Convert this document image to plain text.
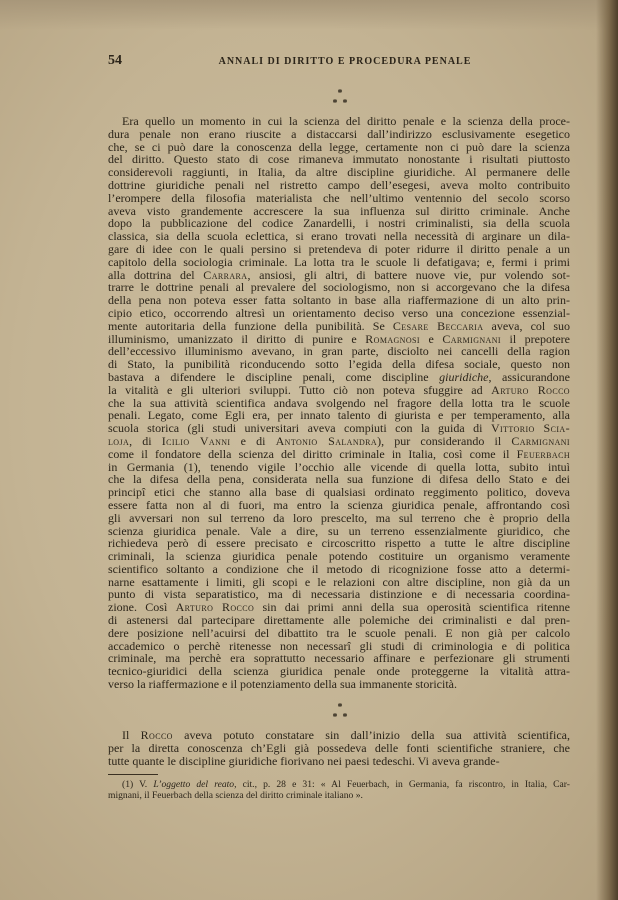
54	ANNALI DI DIRITTO E PROCEDURA PENALE
*
*  *
Era quello un momento in cui la scienza del diritto penale e la scienza della proce-
dura penale non erano riuscite a distaccarsi dall’indirizzo esclusivamente esegetico
che, se ci può dare la conoscenza della legge, certamente non ci può dare la scienza
del diritto. Questo stato di cose rimaneva immutato nonostante i risultati piuttosto
considerevoli raggiunti, in Italia, da altre discipline giuridiche. Al permanere delle
dottrine giuridiche penali nel ristretto campo dell’esegesi, aveva molto contribuito
l’erompere della filosofia materialista che nell’ultimo ventennio del secolo scorso
aveva visto grandemente accrescere la sua influenza sul diritto criminale. Anche
dopo la pubblicazione del codice Zanardelli, i nostri criminalisti, sia della scuola
classica, sia della scuola eclettica, si erano trovati nella necessità di arginare un dila-
gare di idee con le quali persino si pretendeva di poter ridurre il diritto penale a un
capitolo della sociologia criminale. La lotta tra le scuole li defatigava; e, fermi i primi
alla dottrina del Carrara, ansiosi, gli altri, di battere nuove vie, pur volendo sot-
trarre le dottrine penali al prevalere del sociologismo, non si accorgevano che la difesa
della pena non poteva esser fatta soltanto in base alla riaffermazione di un alto prin-
cipio etico, occorrendo altresì un orientamento deciso verso una concezione essenzial-
mente autoritaria della funzione della punibilità. Se Cesare Beccaria aveva, col suo
illuminismo, umanizzato il diritto di punire e Romagnosi e Carmignani il prepotere
dell’eccessivo illuminismo avevano, in gran parte, disciolto nei cancelli della ragion
di Stato, la punibilità riconducendo sotto l’egida della difesa sociale, questo non
bastava a difendere le discipline penali, come discipline giuridiche, assicurandone
la vitalità e gli ulteriori sviluppi. Tutto ciò non poteva sfuggire ad Arturo Rocco
che la sua attività scientifica andava svolgendo nel fragore della lotta tra le scuole
penali. Legato, come Egli era, per innato talento di giurista e per temperamento, alla
scuola storica (gli studi universitari aveva compiuti con la guida di Vittorio Scia-
loja, di Icilio Vanni e di Antonio Salandra), pur considerando il Carmignani
come il fondatore della scienza del diritto criminale in Italia, così come il Feuerbach
in Germania (1), tenendo vigile l’occhio alle vicende di quella lotta, subito intuì
che la difesa della pena, considerata nella sua funzione di difesa dello Stato e dei
principî etici che stanno alla base di qualsiasi ordinato reggimento politico, doveva
essere fatta non al di fuori, ma entro la scienza giuridica penale, affrontando così
gli avversari non sul terreno da loro prescelto, ma sul terreno che è proprio della
scienza giuridica penale. Vale a dire, su un terreno essenzialmente giuridico, che
richiedeva però di essere precisato e circoscritto rispetto a tutte le altre discipline
criminali, la scienza giuridica penale potendo costituire un organismo veramente
scientifico soltanto a condizione che il metodo di ricognizione fosse atto a determi-
narne esattamente i limiti, gli scopi e le relazioni con altre discipline, non già da un
punto di vista separatistico, ma di necessaria distinzione e di necessaria coordina-
zione. Così Arturo Rocco sin dai primi anni della sua operosità scientifica ritenne
di astenersi dal partecipare direttamente alle polemiche dei criminalisti e dal pren-
dere posizione nell’acuirsi del dibattito tra le scuole penali. E non già per calcolo
accademico o perchè ritenesse non necessarî gli studi di criminologia e di politica
criminale, ma perchè era soprattutto necessario affinare e perfezionare gli strumenti
tecnico-giuridici della scienza giuridica penale onde proteggerne la vitalità attra-
verso la riaffermazione e il potenziamento della sua immanente storicità.
*
*  *
Il Rocco aveva potuto constatare sin dall’inizio della sua attività scientifica,
per la diretta conoscenza ch’Egli già possedeva delle fonti scientifiche straniere, che
tutte quante le discipline giuridiche fiorivano nei paesi tedeschi. Vi aveva grande-
(1) V. L’oggetto del reato, cit., p. 28 e 31: « Al Feuerbach, in Germania, fa riscontro, in Italia, Car-
mignani, il Feuerbach della scienza del diritto criminale italiano ».
